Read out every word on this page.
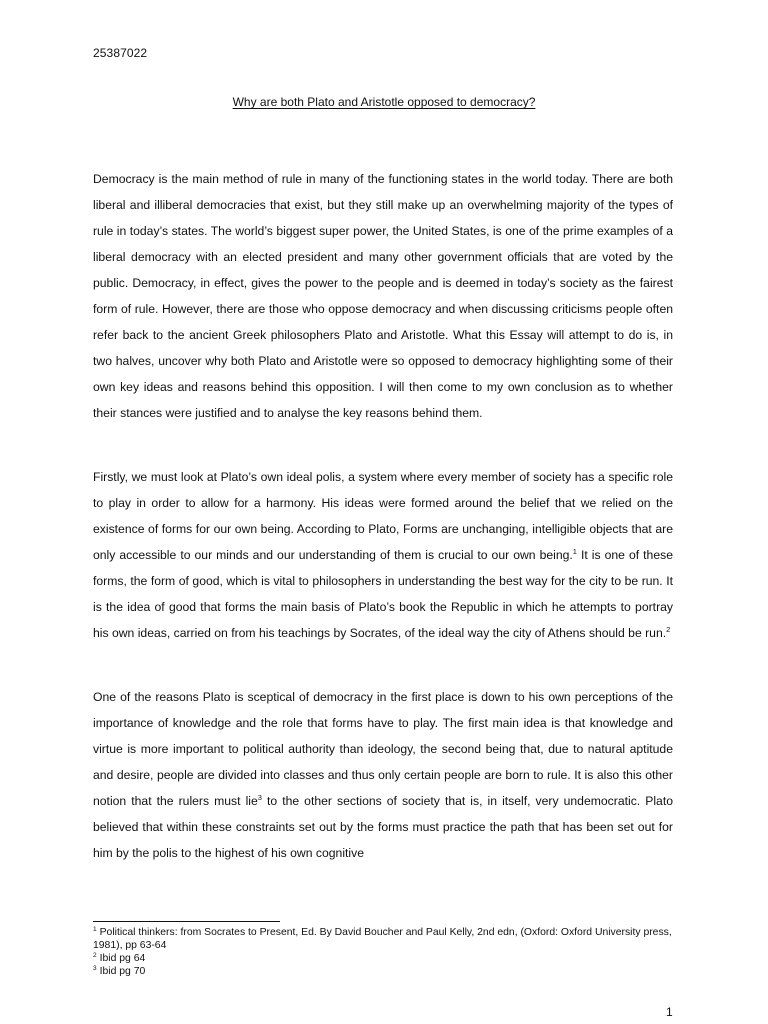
25387022
Why are both Plato and Aristotle opposed to democracy?

Democracy is the main method of rule in many of the functioning states in the world today. There are both liberal and illiberal democracies that exist, but they still make up an overwhelming majority of the types of rule in today’s states. The world’s biggest super power, the United States, is one of the prime examples of a liberal democracy with an elected president and many other government officials that are voted by the public. Democracy, in effect, gives the power to the people and is deemed in today’s society as the fairest form of rule. However, there are those who oppose democracy and when discussing criticisms people often refer back to the ancient Greek philosophers Plato and Aristotle. What this Essay will attempt to do is, in two halves, uncover why both Plato and Aristotle were so opposed to democracy highlighting some of their own key ideas and reasons behind this opposition. I will then come to my own conclusion as to whether their stances were justified and to analyse the key reasons behind them.

Firstly, we must look at Plato’s own ideal polis, a system where every member of society has a specific role to play in order to allow for a harmony. His ideas were formed around the belief that we relied on the existence of forms for our own being. According to Plato, Forms are unchanging, intelligible objects that are only accessible to our minds and our understanding of them is crucial to our own being.$^1$ It is one of these forms, the form of good, which is vital to philosophers in understanding the best way for the city to be run. It is the idea of good that forms the main basis of Plato’s book the Republic in which he attempts to portray his own ideas, carried on from his teachings by Socrates, of the ideal way the city of Athens should be run.$^2$

One of the reasons Plato is sceptical of democracy in the first place is down to his own perceptions of the importance of knowledge and the role that forms have to play. The first main idea is that knowledge and virtue is more important to political authority than ideology, the second being that, due to natural aptitude and desire, people are divided into classes and thus only certain people are born to rule. It is also this other notion that the rulers must lie$^3$ to the other sections of society that is, in itself, very undemocratic. Plato believed that within these constraints set out by the forms must practice the path that has been set out for him by the polis to the highest of his own cognitive

$^1$ Political thinkers: from Socrates to Present, Ed. By David Boucher and Paul Kelly, 2nd edn, (Oxford: Oxford University press, 1981), pp 63-64

$^2$ Ibid pg 64

$^3$ Ibid pg 70

1
